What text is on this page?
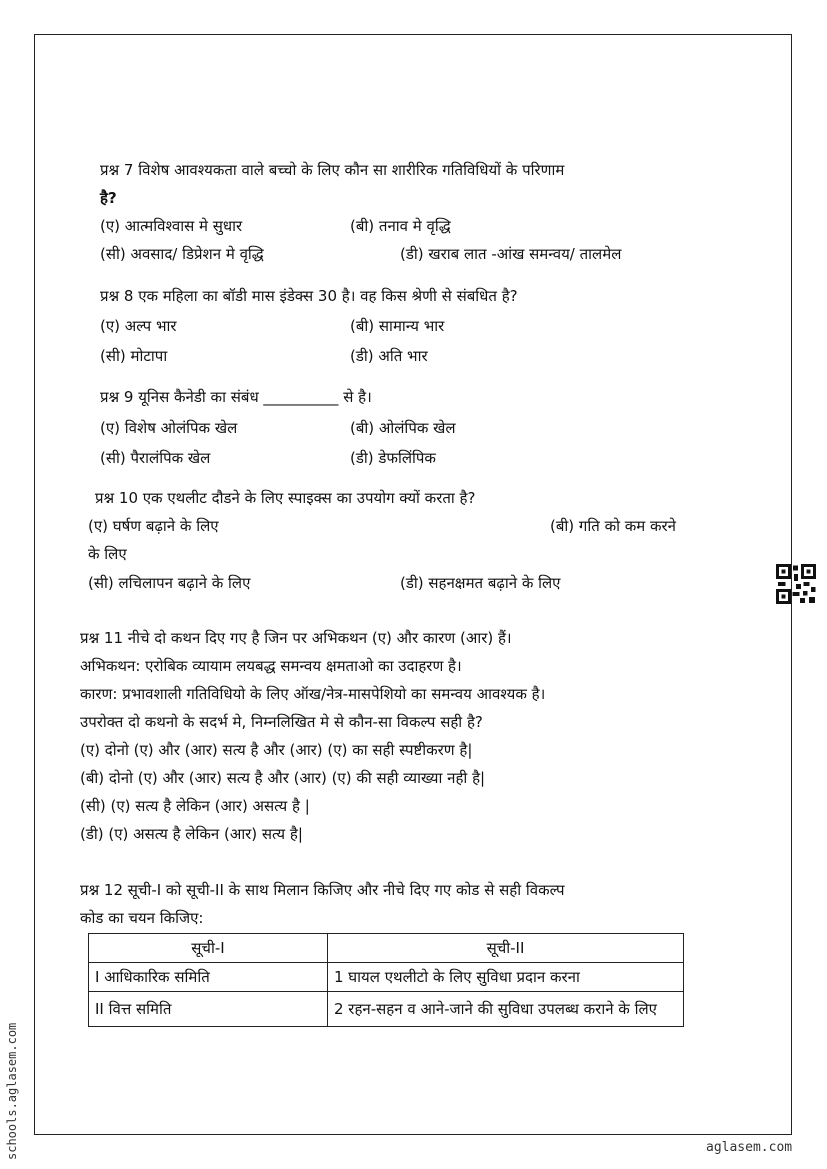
प्रश्न 7 विशेष आवश्यकता वाले बच्चो के लिए कौन सा शारीरिक गतिविधियों के परिणाम
है?
(ए) आत्मविश्वास मे सुधार	(बी) तनाव मे वृद्धि
(सी) अवसाद/ डिप्रेशन मे वृद्धि	(डी) खराब लात -आंख समन्वय/ तालमेल
प्रश्न 8 एक महिला का बॉडी मास इंडेक्स 30 है। वह किस श्रेणी से संबधित है?
(ए) अल्प भार	(बी) सामान्य भार
(सी) मोटापा	(डी) अति भार
प्रश्न 9 यूनिस कैनेडी का संबंध __________ से है।
(ए) विशेष ओलंपिक खेल	(बी) ओलंपिक खेल
(सी) पैरालंपिक खेल	(डी) डेफलिंपिक
प्रश्न 10 एक एथलीट दौडने के लिए स्पाइक्स का उपयोग क्यों करता है?
(ए) घर्षण बढ़ाने के लिए	(बी) गति को कम करने
के लिए
(सी) लचिलापन बढ़ाने के लिए	(डी) सहनक्षमत बढ़ाने के लिए
प्रश्न 11 नीचे दो कथन दिए गए है जिन पर अभिकथन (ए) और कारण (आर) हैं।
अभिकथन: एरोबिक व्यायाम लयबद्ध समन्वय क्षमताओ का उदाहरण है।
कारण: प्रभावशाली गतिविधियो के लिए ऑख/नेत्र-मासपेशियो का समन्वय आवश्यक है।
उपरोक्त दो कथनो के सदर्भ मे, निम्नलिखित मे से कौन-सा विकल्प सही है?
(ए) दोनो (ए) और (आर) सत्य है और (आर) (ए) का सही स्पष्टीकरण है|
(बी) दोनो (ए) और (आर) सत्य है और (आर) (ए) की सही व्याख्या नही है|
(सी) (ए) सत्य है लेकिन (आर) असत्य है |
(डी) (ए) असत्य है लेकिन (आर) सत्य है|
प्रश्न 12 सूची-I को सूची-II के साथ मिलान किजिए और नीचे दिए गए कोड से सही विकल्प
कोड का चयन किजिए:
सूची-I	सूची-II
I आधिकारिक समिति	1 घायल एथलीटो के लिए सुविधा प्रदान करना
II वित्त समिति	2 रहन-सहन व आने-जाने की सुविधा उपलब्ध कराने के लिए
schools.aglasem.com	aglasem.com
